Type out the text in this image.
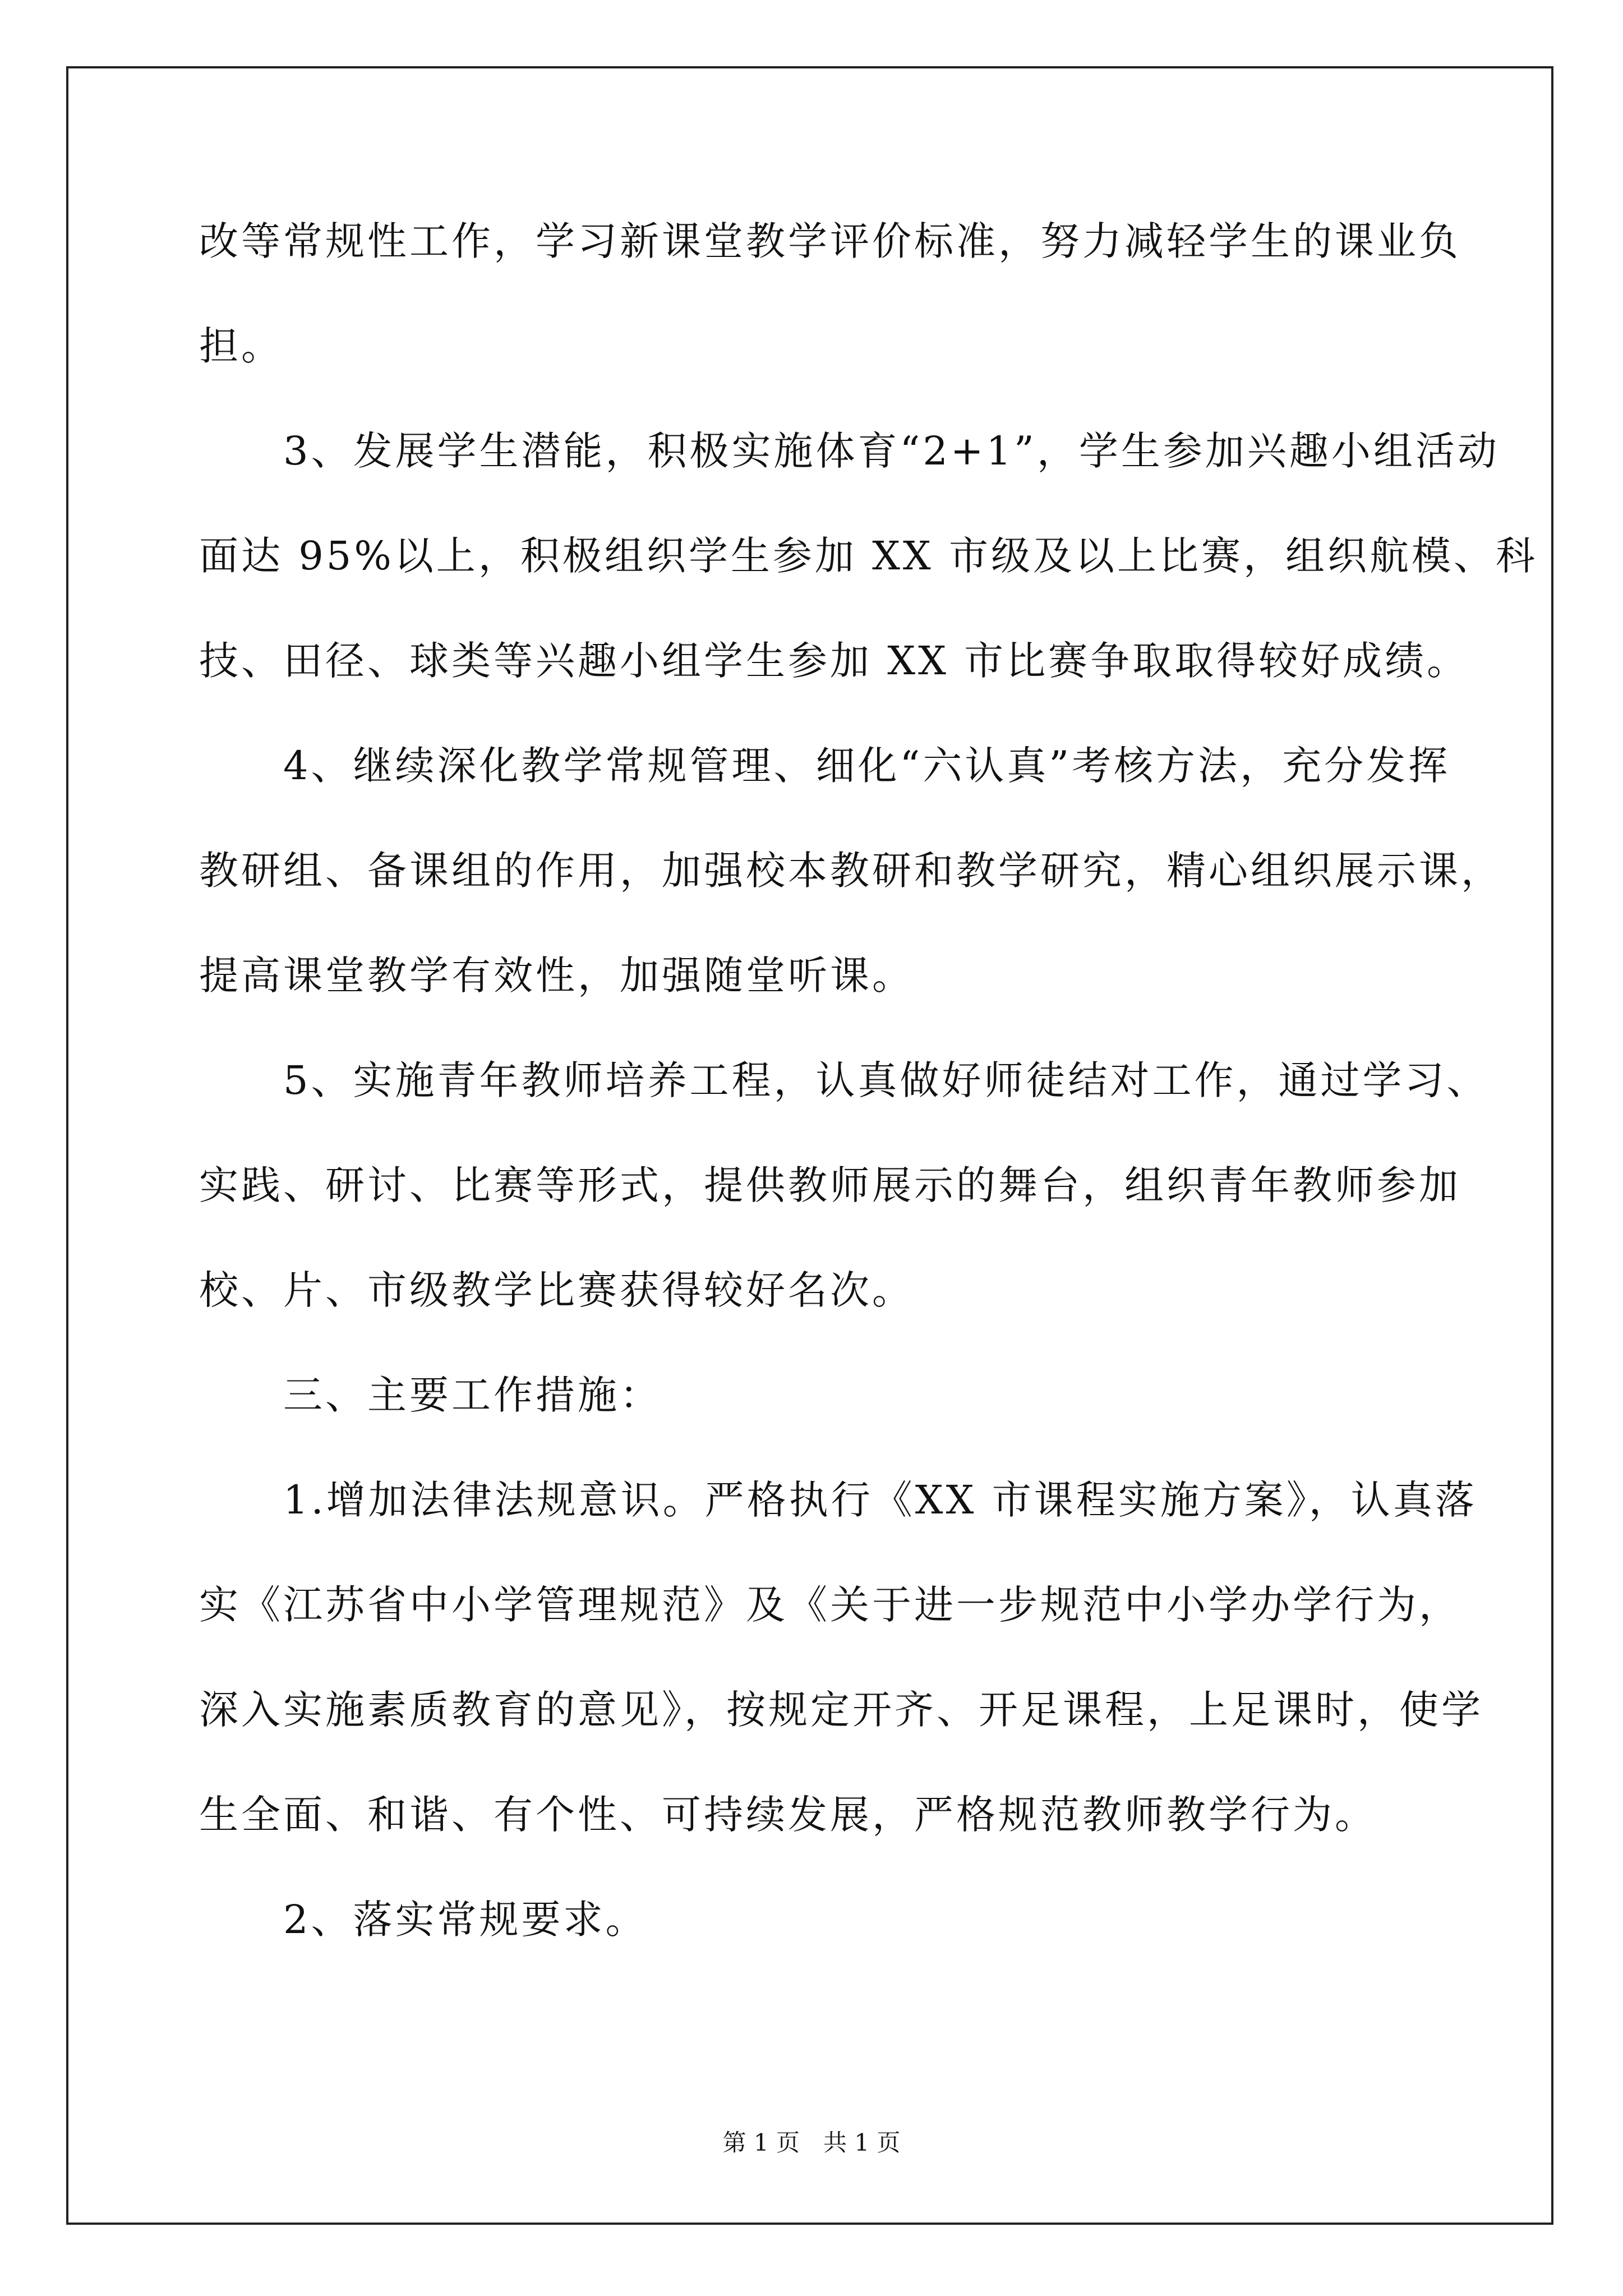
改等常规性工作，学习新课堂教学评价标准，努力减轻学生的课业负
担。
　　3、发展学生潜能，积极实施体育“2+1”，学生参加兴趣小组活动
面达 95%以上，积极组织学生参加 XX 市级及以上比赛，组织航模、科
技、田径、球类等兴趣小组学生参加 XX 市比赛争取取得较好成绩。
　　4、继续深化教学常规管理、细化“六认真”考核方法，充分发挥
教研组、备课组的作用，加强校本教研和教学研究，精心组织展示课，
提高课堂教学有效性，加强随堂听课。
　　5、实施青年教师培养工程，认真做好师徒结对工作，通过学习、
实践、研讨、比赛等形式，提供教师展示的舞台，组织青年教师参加
校、片、市级教学比赛获得较好名次。
　　三、主要工作措施：
　　1.增加法律法规意识。严格执行《XX 市课程实施方案》，认真落
实《江苏省中小学管理规范》及《关于进一步规范中小学办学行为，
深入实施素质教育的意见》，按规定开齐、开足课程，上足课时，使学
生全面、和谐、有个性、可持续发展，严格规范教师教学行为。
　　2、落实常规要求。
第 1 页　共 1 页
